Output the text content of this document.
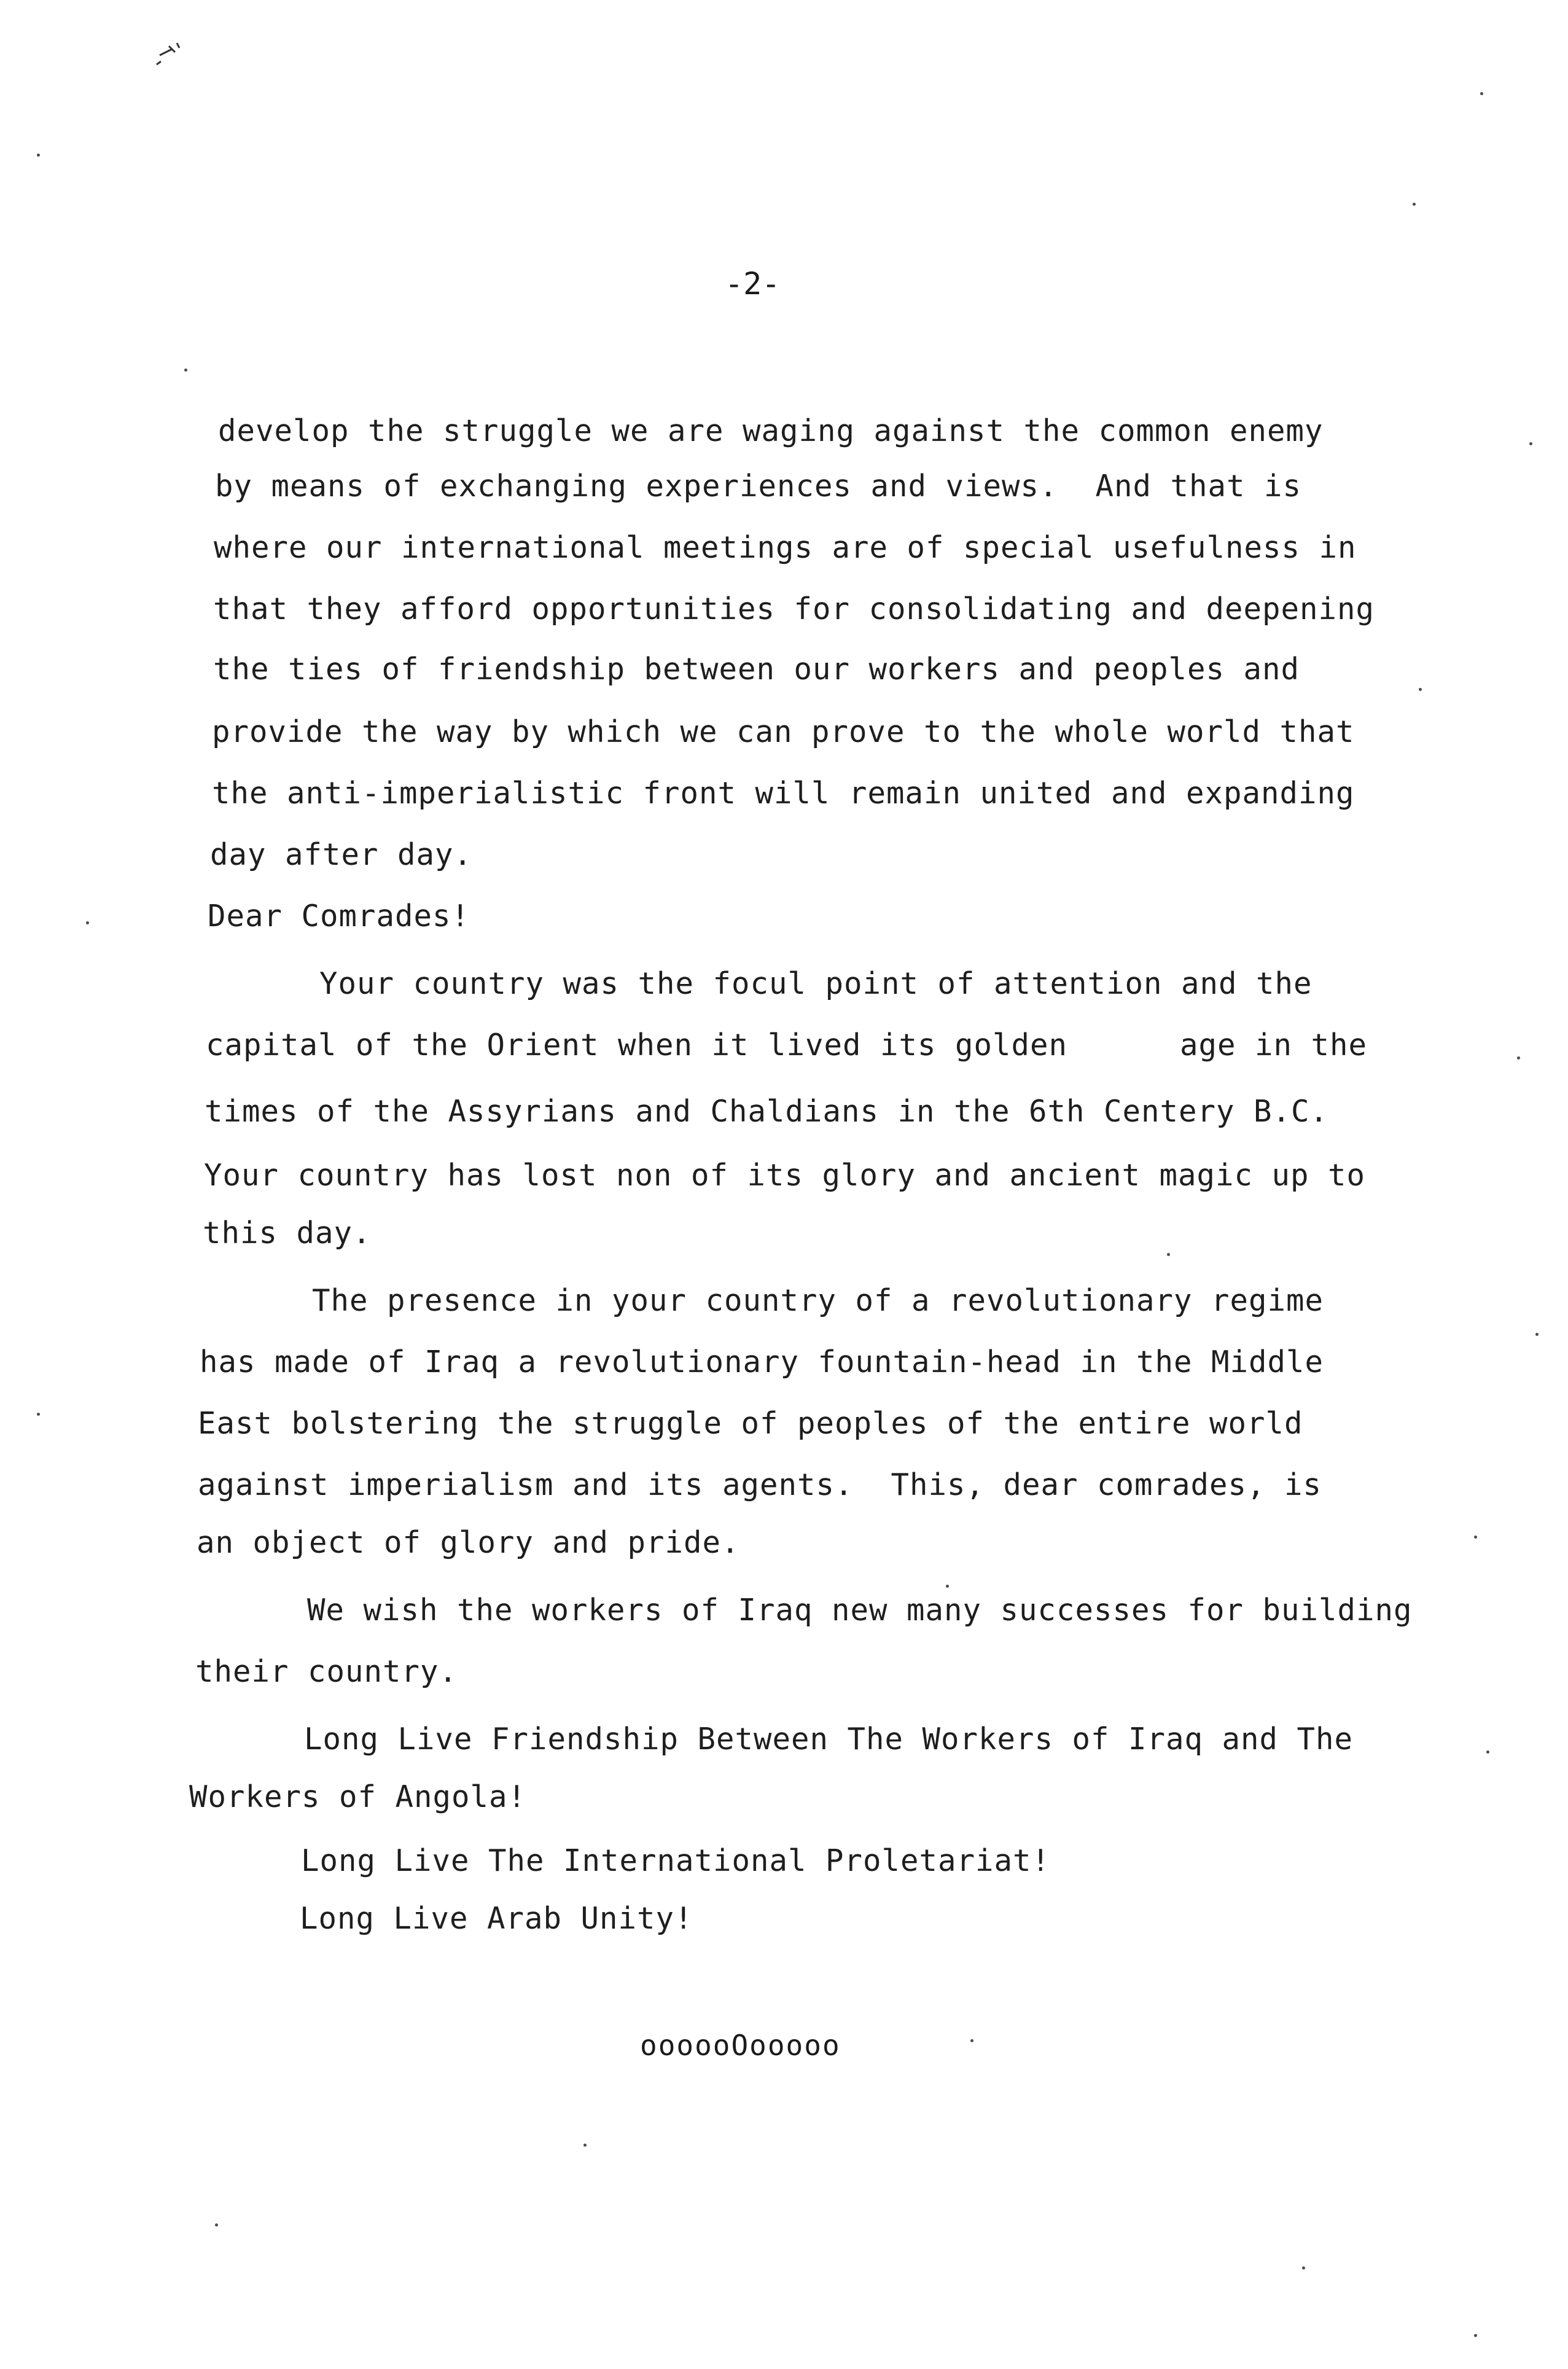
-2-
develop the struggle we are waging against the common enemy
by means of exchanging experiences and views.  And that is
where our international meetings are of special usefulness in
that they afford opportunities for consolidating and deepening
the ties of friendship between our workers and peoples and
provide the way by which we can prove to the whole world that
the anti-imperialistic front will remain united and expanding
day after day.
Dear Comrades!
Your country was the focul point of attention and the
capital of the Orient when it lived its golden      age in the
times of the Assyrians and Chaldians in the 6th Centery B.C.
Your country has lost non of its glory and ancient magic up to
this day.
The presence in your country of a revolutionary regime
has made of Iraq a revolutionary fountain-head in the Middle
East bolstering the struggle of peoples of the entire world
against imperialism and its agents.  This, dear comrades, is
an object of glory and pride.
We wish the workers of Iraq new many successes for building
their country.
Long Live Friendship Between The Workers of Iraq and The
Workers of Angola!
Long Live The International Proletariat!
Long Live Arab Unity!
oooooOooooo
